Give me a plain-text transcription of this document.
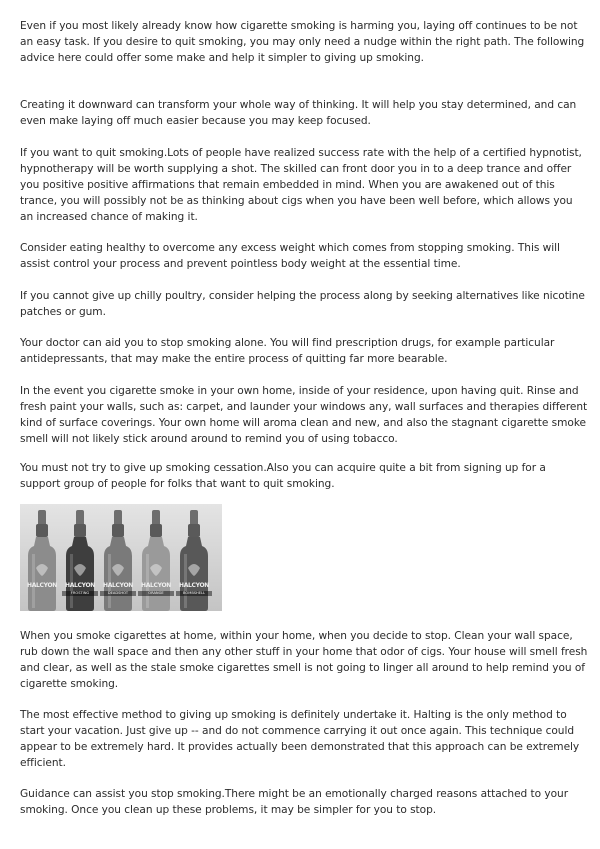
Even if you most likely already know how cigarette smoking is harming you, laying off continues to be not an easy task. If you desire to quit smoking, you may only need a nudge within the right path. The following advice here could offer some make and help it simpler to giving up smoking.

Creating it downward can transform your whole way of thinking. It will help you stay determined, and can even make laying off much easier because you may keep focused.

If you want to quit smoking.Lots of people have realized success rate with the help of a certified hypnotist, hypnotherapy will be worth supplying a shot. The skilled can front door you in to a deep trance and offer you positive positive affirmations that remain embedded in mind. When you are awakened out of this trance, you will possibly not be as thinking about cigs when you have been well before, which allows you an increased chance of making it.

Consider eating healthy to overcome any excess weight which comes from stopping smoking. This will assist control your process and prevent pointless body weight at the essential time.

If you cannot give up chilly poultry, consider helping the process along by seeking alternatives like nicotine patches or gum.

Your doctor can aid you to stop smoking alone. You will find prescription drugs, for example particular antidepressants, that may make the entire process of quitting far more bearable.

In the event you cigarette smoke in your own home, inside of your residence, upon having quit. Rinse and fresh paint your walls, such as: carpet, and launder your windows any, wall surfaces and therapies different kind of surface coverings. Your own home will aroma clean and new, and also the stagnant cigarette smoke smell will not likely stick around around to remind you of using tobacco.

You must not try to give up smoking cessation.Also you can acquire quite a bit from signing up for a support group of people for folks that want to quit smoking.

HALCYON	HALCYON
FROSTING
HALCYON
DEADSHOT
HALCYON
ORANGE
HALCYON
BOMBSHELL

When you smoke cigarettes at home, within your home, when you decide to stop. Clean your wall space, rub down the wall space and then any other stuff in your home that odor of cigs. Your house will smell fresh and clear, as well as the stale smoke cigarettes smell is not going to linger all around to help remind you of cigarette smoking.

The most effective method to giving up smoking is definitely undertake it. Halting is the only method to start your vacation. Just give up -- and do not commence carrying it out once again. This technique could appear to be extremely hard. It provides actually been demonstrated that this approach can be extremely efficient.

Guidance can assist you stop smoking.There might be an emotionally charged reasons attached to your smoking. Once you clean up these problems, it may be simpler for you to stop.
